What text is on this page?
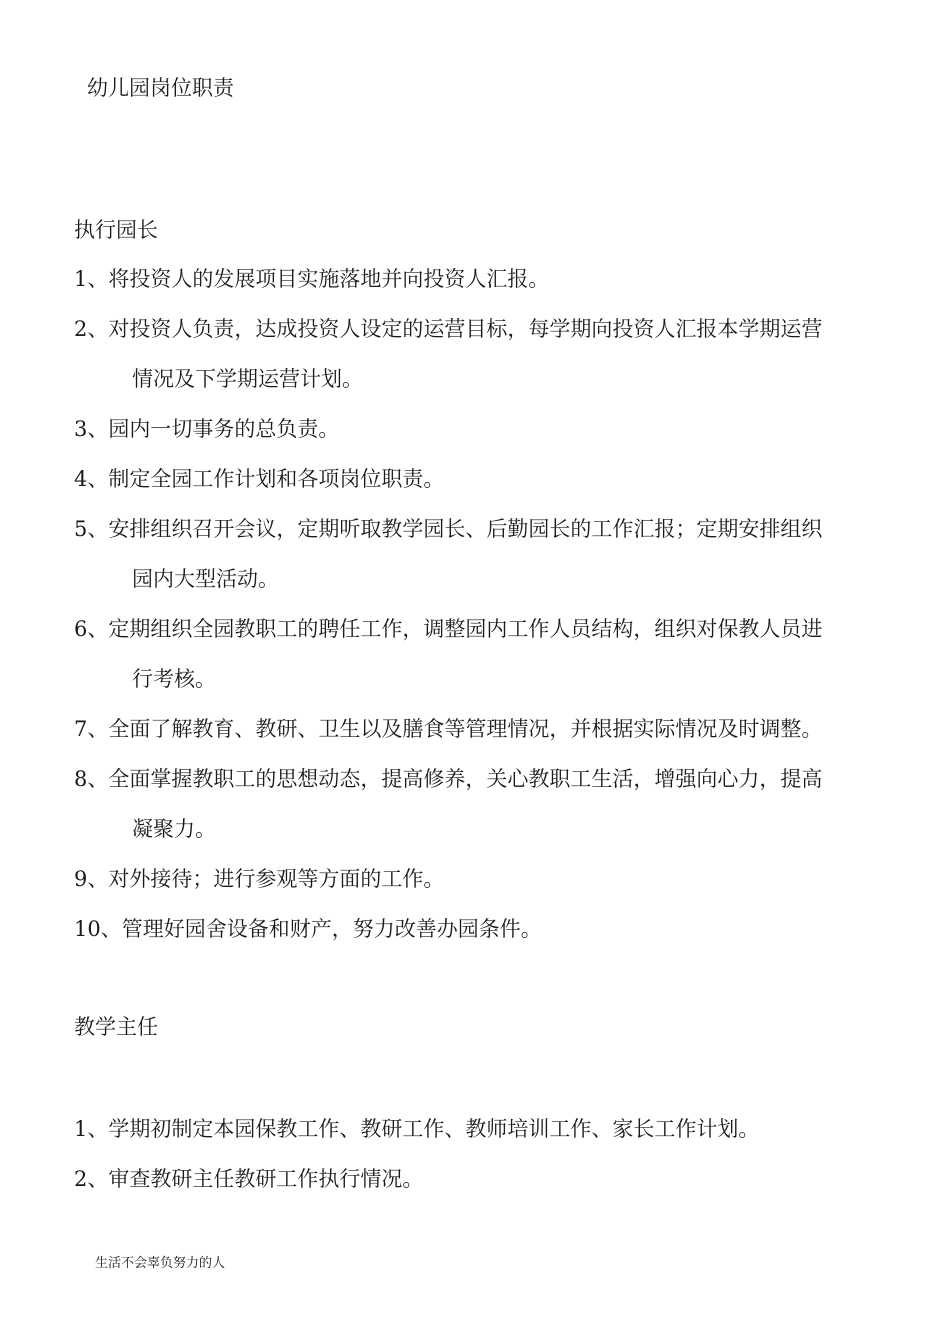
幼儿园岗位职责
执行园长
1、将投资人的发展项目实施落地并向投资人汇报。
2、对投资人负责，达成投资人设定的运营目标，每学期向投资人汇报本学期运营
情况及下学期运营计划。
3、园内一切事务的总负责。
4、制定全园工作计划和各项岗位职责。
5、安排组织召开会议，定期听取教学园长、后勤园长的工作汇报；定期安排组织
园内大型活动。
6、定期组织全园教职工的聘任工作，调整园内工作人员结构，组织对保教人员进
行考核。
7、全面了解教育、教研、卫生以及膳食等管理情况，并根据实际情况及时调整。
8、全面掌握教职工的思想动态，提高修养，关心教职工生活，增强向心力，提高
凝聚力。
9、对外接待；进行参观等方面的工作。
10、管理好园舍设备和财产，努力改善办园条件。
教学主任
1、学期初制定本园保教工作、教研工作、教师培训工作、家长工作计划。
2、审查教研主任教研工作执行情况。
生活不会辜负努力的人
